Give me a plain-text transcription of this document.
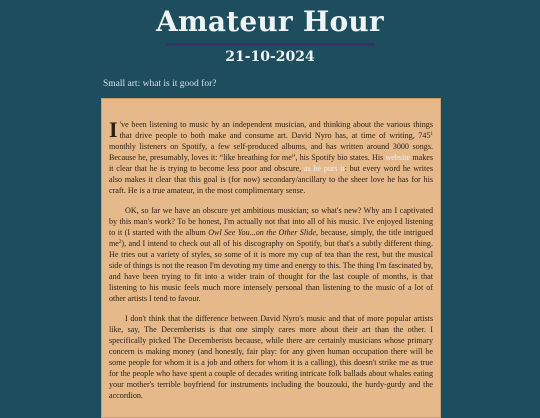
Amateur Hour
21-10-2024

Small art: what is it good for?

I 've been listening to music by an independent musician, and thinking about the various things that drive people to both make and consume art. David Nyro has, at time of writing, $745^1$ monthly listeners on Spotify, a few self-produced albums, and has written around 3000 songs. Because he, presumably, loves it: “like breathing for me”, his Spotify bio states. His website makes it clear that he is trying to become less poor and obscure, as he puts it: but every word he writes also makes it clear that this goal is (for now) secondary/ancillary to the sheer love he has for his craft. He is a true amateur, in the most complimentary sense.

OK, so far we have an obscure yet ambitious musician; so what's new? Why am I captivated by this man's work? To be honest, I'm actually not that into all of his music. I've enjoyed listening to it (I started with the album Owl See You...on the Other Slide, because, simply, the title intrigued $me^2$), and I intend to check out all of his discography on Spotify, but that's a subtly different thing. He tries out a variety of styles, so some of it is more my cup of tea than the rest, but the musical side of things is not the reason I'm devoting my time and energy to this. The thing I'm fascinated by, and have been trying to fit into a wider train of thought for the last couple of months, is that listening to his music feels much more intensely personal than listening to the music of a lot of other artists I tend to favour.

I don't think that the difference between David Nyro's music and that of more popular artists like, say, The Decemberists is that one simply cares more about their art than the other. I specifically picked The Decemberists because, while there are certainly musicians whose primary concern is making money (and honestly, fair play: for any given human occupation there will be some people for whom it is a job and others for whom it is a calling), this doesn't strike me as true for the people who have spent a couple of decades writing intricate folk ballads about whales eating your mother's terrible boyfriend for instruments including the bouzouki, the hurdy-gurdy and the accordion.
